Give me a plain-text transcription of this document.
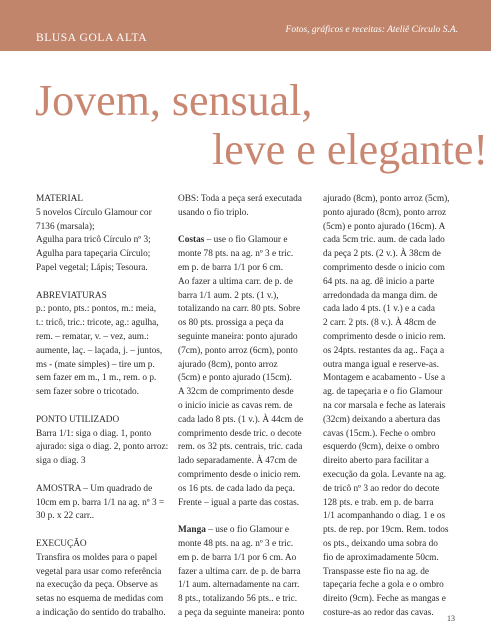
BLUSA GOLA ALTA
Fotos, gráficos e receitas: Ateliê Círculo S.A.
Jovem, sensual,
leve e elegante!

MATERIAL

5 novelos Círculo Glamour cor

7136 (marsala);

Agulha para tricô Círculo nº 3;

Agulha para tapeçaria Círculo;

Papel vegetal; Lápis; Tesoura.

ABREVIATURAS

p.: ponto, pts.: pontos, m.: meia,

t.: tricô, tric.: tricote, ag.: agulha,

rem. – rematar, v. – vez, aum.:

aumente, laç. – laçada, j. – juntos,

ms - (mate simples) – tire um p.

sem fazer em m., 1 m., rem. o p.

sem fazer sobre o tricotado.

PONTO UTILIZADO

Barra 1/1: siga o diag. 1, ponto

ajurado: siga o diag. 2, ponto arroz:

siga o diag. 3

AMOSTRA – Um quadrado de

10cm em p. barra 1/1 na ag. nº 3 =

30 p. x 22 carr..

EXECUÇÃO

Transfira os moldes para o papel

vegetal para usar como referência

na execução da peça. Observe as

setas no esquema de medidas com

a indicação do sentido do trabalho.

OBS: Toda a peça será executada

usando o fio triplo.

Costas – use o fio Glamour e

monte 78 pts. na ag. nº 3 e tric.

em p. de barra 1/1 por 6 cm.

Ao fazer a ultima carr. de p. de

barra 1/1 aum. 2 pts. (1 v.),

totalizando na carr. 80 pts. Sobre

os 80 pts. prossiga a peça da

seguinte maneira: ponto ajurado

(7cm), ponto arroz (6cm), ponto

ajurado (8cm), ponto arroz

(5cm) e ponto ajurado (15cm).

A 32cm de comprimento desde

o inicio inicie as cavas rem. de

cada lado 8 pts. (1 v.). À 44cm de

comprimento desde tric. o decote

rem. os 32 pts. centrais, tric. cada

lado separadamente. À 47cm de

comprimento desde o inicio rem.

os 16 pts. de cada lado da peça.

Frente – igual a parte das costas.

Manga – use o fio Glamour e

monte 48 pts. na ag. nº 3 e tric.

em p. de barra 1/1 por 6 cm. Ao

fazer a ultima carr. de p. de barra

1/1 aum. alternadamente na carr.

8 pts., totalizando 56 pts.. e tric.

a peça da seguinte maneira: ponto

ajurado (8cm), ponto arroz (5cm),

ponto ajurado (8cm), ponto arroz

(5cm) e ponto ajurado (16cm). A

cada 5cm tric. aum. de cada lado

da peça 2 pts. (2 v.). À 38cm de

comprimento desde o inicio com

64 pts. na ag. dê inicio a parte

arredondada da manga dim. de

cada lado 4 pts. (1 v.) e a cada

2 carr. 2 pts. (8 v.). À 48cm de

comprimento desde o inicio rem.

os 24pts. restantes da ag.. Faça a

outra manga igual e reserve-as.

Montagem e acabamento - Use a

ag. de tapeçaria e o fio Glamour

na cor marsala e feche as laterais

(32cm) deixando a abertura das

cavas (15cm.). Feche o ombro

esquerdo (9cm), deixe o ombro

direito aberto para facilitar a

execução da gola. Levante na ag.

de tricô nº 3 ao redor do decote

128 pts. e trab. em p. de barra

1/1 acompanhando o diag. 1 e os

pts. de rep. por 19cm. Rem. todos

os pts., deixando uma sobra do

fio de aproximadamente 50cm.

Transpasse este fio na ag. de

tapeçaria feche a gola e o ombro

direito (9cm). Feche as mangas e

costure-as ao redor das cavas.

13
